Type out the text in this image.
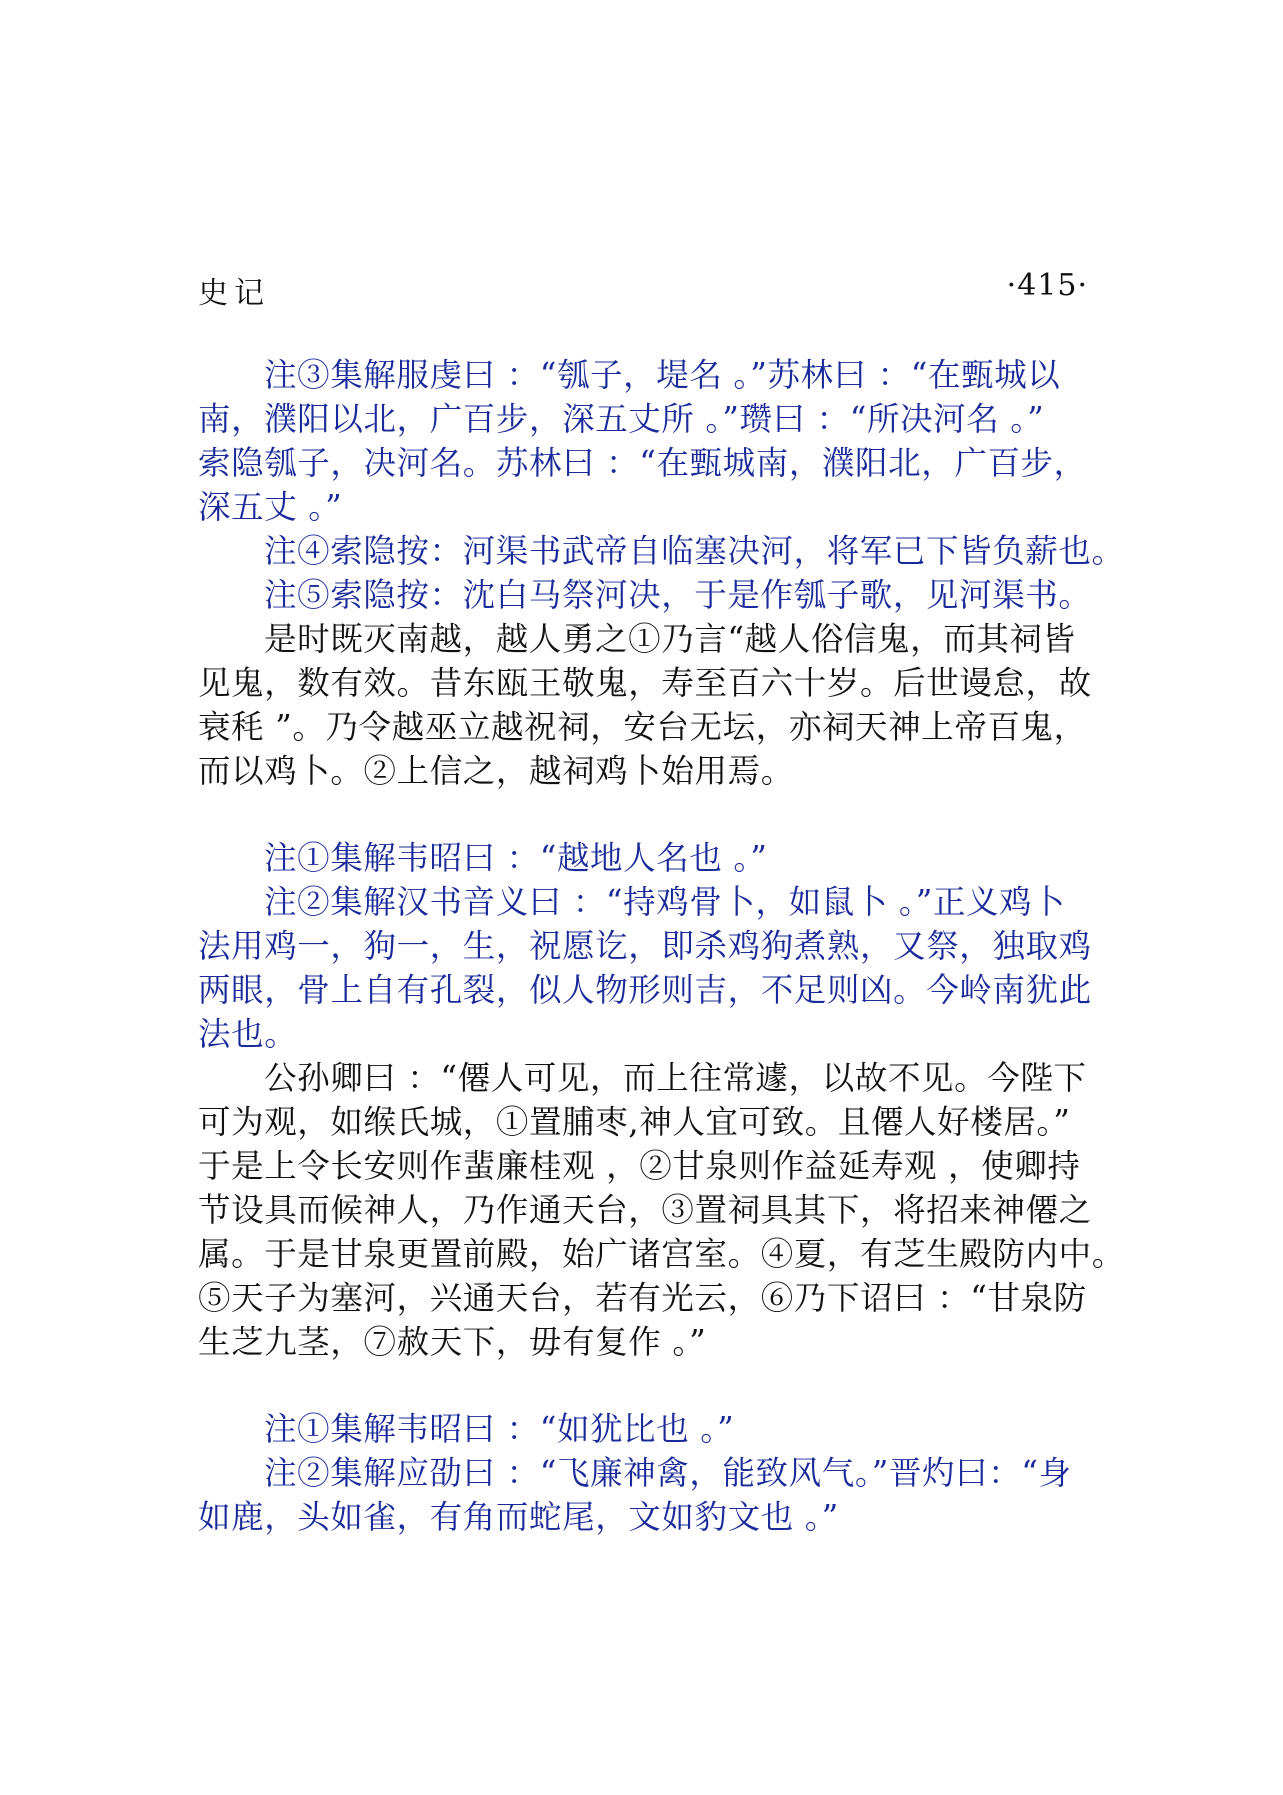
史记	·415·
注③集解服虔曰 ：“瓠子，堤名 。”苏林曰 ：“在甄城以
南，濮阳以北，广百步，深五丈所 。”瓒曰 ：“所决河名 。”
索隐瓠子，决河名。苏林曰 ：“在甄城南，濮阳北，广百步，
深五丈 。”
注④索隐按：河渠书武帝自临塞决河，将军已下皆负薪也。
注⑤索隐按：沈白马祭河决，于是作瓠子歌，见河渠书。
是时既灭南越，越人勇之①乃言“越人俗信鬼，而其祠皆
见鬼，数有效。昔东瓯王敬鬼，寿至百六十岁。后世谩怠，故
衰秏 ”。乃令越巫立越祝祠，安台无坛，亦祠天神上帝百鬼，
而以鸡卜。②上信之，越祠鸡卜始用焉。
注①集解韦昭曰 ：“越地人名也 。”
注②集解汉书音义曰 ：“持鸡骨卜，如鼠卜 。”正义鸡卜
法用鸡一，狗一，生，祝愿讫，即杀鸡狗煮熟，又祭，独取鸡
两眼，骨上自有孔裂，似人物形则吉，不足则凶。今岭南犹此
法也。
公孙卿曰 ：“僊人可见，而上往常遽，以故不见。今陛下
可为观，如缑氏城，①置脯枣,神人宜可致。且僊人好楼居。”
于是上令长安则作蜚廉桂观 ，②甘泉则作益延寿观 ，使卿持
节设具而候神人，乃作通天台，③置祠具其下，将招来神僊之
属。于是甘泉更置前殿，始广诸宫室。④夏，有芝生殿防内中。
⑤天子为塞河，兴通天台，若有光云，⑥乃下诏曰 ：“甘泉防
生芝九茎，⑦赦天下，毋有复作 。”
注①集解韦昭曰 ：“如犹比也 。”
注②集解应劭曰 ：“飞廉神禽，能致风气。”晋灼曰：“身
如鹿，头如雀，有角而蛇尾，文如豹文也 。”
